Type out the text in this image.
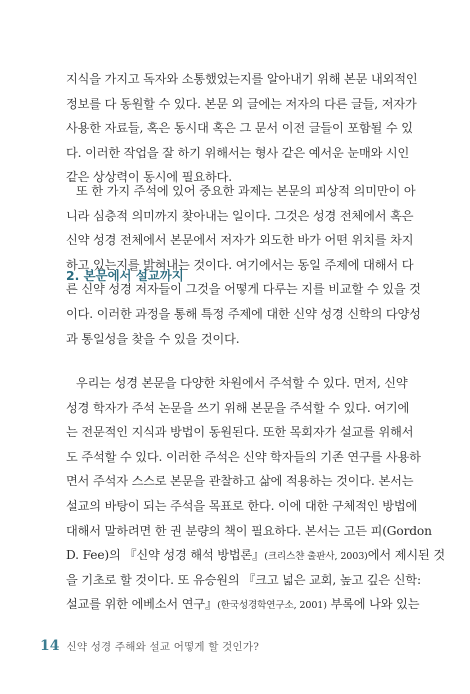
지식을 가지고 독자와 소통했었는지를 알아내기 위해 본문 내외적인
정보를 다 동원할 수 있다. 본문 외 글에는 저자의 다른 글들, 저자가
사용한 자료들, 혹은 동시대 혹은 그 문서 이전 글들이 포함될 수 있
다. 이러한 작업을 잘 하기 위해서는 형사 같은 예서운 눈매와 시인
같은 상상력이 동시에 필요하다.
또 한 가지 주석에 있어 중요한 과제는 본문의 피상적 의미만이 아
니라 심층적 의미까지 찾아내는 일이다. 그것은 성경 전체에서 혹은
신약 성경 전체에서 본문에서 저자가 외도한 바가 어떤 위치를 차지
하고 있는지를 밝혀내는 것이다. 여기에서는 동일 주제에 대해서 다
른 신약 성경 저자들이 그것을 어떻게 다루는 지를 비교할 수 있을 것
이다. 이러한 과정을 통해 특정 주제에 대한 신약 성경 신학의 다양성
과 통일성을 찾을 수 있을 것이다.
2. 본문에서 설교까지
우리는 성경 본문을 다양한 차원에서 주석할 수 있다. 먼저, 신약
성경 학자가 주석 논문을 쓰기 위해 본문을 주석할 수 있다. 여기에
는 전문적인 지식과 방법이 동원된다. 또한 목회자가 설교를 위해서
도 주석할 수 있다. 이러한 주석은 신약 학자들의 기존 연구를 사용하
면서 주석자 스스로 본문을 관찰하고 삶에 적용하는 것이다. 본서는
설교의 바탕이 되는 주석을 목표로 한다. 이에 대한 구체적인 방법에
대해서 말하려면 한 권 분량의 책이 필요하다. 본서는 고든 피(Gordon
D. Fee)의 『신약 성경 해석 방법론』(크리스챤 출판사, 2003)에서 제시된 것
을 기초로 할 것이다. 또 유승원의 『크고 넓은 교회, 높고 깊은 신학:
설교를 위한 에베소서 연구』(한국성경학연구소, 2001) 부록에 나와 있는
14 신약 성경 주해와 설교 어떻게 할 것인가?
